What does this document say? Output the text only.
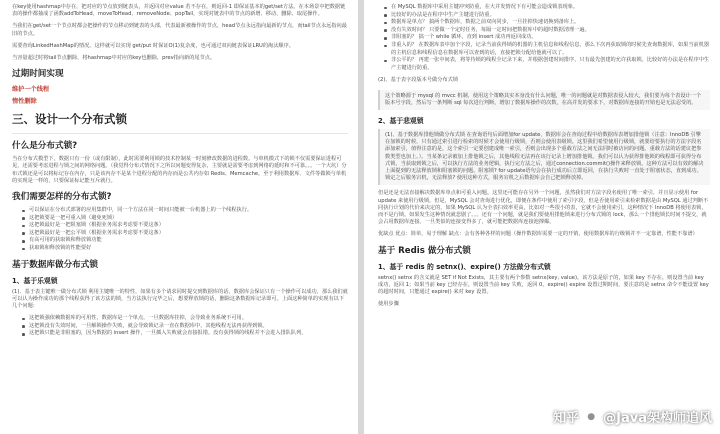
在key使用hashmap中存在，把对应的节点放到链表头，并返回对应value 若不存在，则返回-1 即保证基本的get/set方法。在本场景中把数据链表的操作都抽成了函数addToHead、moveToHead、removeNode、popTail，实现对链表中的节点的新增、移动、删除、取尾操作。

当我们在get/set一个节点时都会把操作的节点移动到链表的头部，代表最新被操作的节点，head节点永远指向最新的节点，而tail节点永远指向最旧的节点。

需要查询LinkedHashMap的情况。这样就可以实现 get/put 时保证O(1)复杂度，也可通过双向链表保证LRU的淘汰顺序。

当容量超过时将tail节点删除，将hashmap中对应的key也删除，prev指向新的尾节点。

过期时间实现
维护一个线程
惰性删除
三、设计一个分布式锁
什么是分布式锁?

当在分布式模型下，数据只有一份（或有限制），此时需要利用锁的技术控制某一时刻修改数据的进程数。与单机模式下的锁不仅需要保证进程可见，还需要考虑进程与锁之间的网络问题。（我觉得分布式情况下之所以问题变得复杂，主要就是需要考虑到网络的延时和不可靠。。。一个大坑）分布式锁还是可以将标记存在内存，只是该内存不是某个进程分配的内存而是公共内存如 Redis、Memcache。至于利用数据库、文件等做锁与单机的实现是一样的，只要保证标记能互斥就行。

我们需要怎样的分布式锁?
可以保证在分布式部署的应用集群中，同一个方法在同一时间只能被一台机器上的一个线程执行。
这把锁要是一把可重入锁（避免死锁）
这把锁最好是一把阻塞锁（根据业务需求考虑要不要这条）
这把锁最好是一把公平锁（根据业务需求考虑要不要这条）
有高可用的获取锁和释放锁功能
获取锁和释放锁的性能要好
基于数据库做分布式锁
1、基于乐观锁

(1)、基于表主键唯一做分布式锁 利用主键唯一的特性，如果有多个请求同时提交到数据库的话，数据库会保证只有一个操作可以成功，那么我们就可以认为操作成功的那个线程获得了该方法的锁，当方法执行完毕之后，想要释放锁的话，删除这条数据库记录即可。上面这种简单的实现有以下几个问题：

这把锁强依赖数据库的可用性，数据库是一个单点，一旦数据库挂掉，会导致业务系统不可用。
这把锁没有失效时间，一旦解锁操作失败，就会导致锁记录一直在数据库中，其他线程无法再获得到锁。
这把锁只能是非阻塞的，因为数据的 insert 操作，一旦插入失败就会直接报错。没有获得锁的线程并不会进入排队队列，
在 MySQL 数据库中采用主键冲突防重，在大并发情况下有可能会造成锁表现象。
比较好的办法是在程序中生产主键进行防重。
数据库是单点？ 搞两个数据库，数据之前双向同步，一旦挂掉快速切换到备库上。
没有失效时间？ 只要做一个定时任务，每隔一定时间把数据库中的超时数据清理一遍。
非阻塞的？ 搞一个 while 循环，直到 insert 成功再返回成功。
非重入的？ 在数据库表中加个字段，记录当前获得锁的机器的主机信息和线程信息，那么下次再获取锁的时候先查询数据库，如果当前机器的主机信息和线程信息在数据库可以查到的话，直接把锁分配给他就可以了。
非公平的？ 再建一张中间表，将等待锁的线程全记录下来，并根据创建时间排序，只有最先创建的允许获取锁。比较好的办法是在程序中生产主键进行防重。

(2)、基于表字段版本号做分布式锁

这个策略源于 mysql 的 mvcc 机制，使用这个策略其实本身没有什么问题，唯一的问题就是对数据表侵入较大，我们要为每个表设计一个版本号字段，然后写一条判断 sql 每次进行判断，增加了数据库操作的次数，在高并发的要求下，对数据库连接的开销也是无法忍受的。

2、基于悲观锁

(1)、基于数据库排他锁做分布式锁 在查询语句后面增加for update，数据库会在查询过程中给数据库表增加排他锁（注意：InnoDB 引擎在加锁的时候，只有通过索引进行检索的时候才会使用行级锁，否则会使用表级锁。这里我们希望使用行级锁，就要给要执行的方法字段名添加索引，值得注意的是，这个索引一定要创建成唯一索引，否则会出现多个重载方法之间无法同时被访问的问题。重载方法的话建议把参数类型也加上。）。当某条记录被加上排他锁之后，其他线程无法再在该行记录上增加排他锁。我们可以认为获得排他锁的线程即可获得分布式锁，当获取到锁之后，可以执行方法的业务逻辑，执行完方法之后，通过connection.commit()操作来释放锁。这种方法可以有效的解决上面提到的无法释放锁和阻塞锁的问题。阻塞锁? for update语句会在执行成功后立即返回，在执行失败时一直处于阻塞状态，直到成功。锁定之后服务宕机，无法释放? 使用这种方式，服务宕机之后数据库会自己把锁释放掉。

但是还是无法直接解决数据库单点和可重入问题。这里还可能存在另外一个问题，虽然我们对方法字段名使用了唯一索引，并且显示使用 for update 来使用行级锁。但是，MySQL 会对查询进行优化，即便在条件中使用了索引字段，但是否使用索引来检索数据是由 MySQL 通过判断不同执行计划的代价来决定的，如果 MySQL 认为全表扫效率更高，比如对一些很小的表，它就不会使用索引，这种情况下 InnoDB 将使用表锁，而不是行锁。如果发生这种情况就悲剧了。。。还有一个问题，就是我们要使用排他锁来进行分布式锁的 lock，那么一个排他锁长时间不提交，就会占用数据库连接。一旦类似的连接变得多了，就可能把数据库连接池撑爆。

优缺点 优点：简单，易于理解 缺点：会有各种各样的问题（操作数据库需要一定的开销，使用数据库的行级锁并不一定靠谱，性能不靠谱）

基于 Redis 做分布式锁
1、基于 redis 的 setnx()、expire() 方法做分布式锁

setnx() setnx 的含义就是 SET if Not Exists，其主要有两个参数 setnx(key, value)。该方法是原子的，如果 key 不存在，则设置当前 key 成功，返回 1；如果当前 key 已经存在，则设置当前 key 失败，返回 0。expire() expire 设置过期时间，要注意的是 setnx 命令不能设置 key 的超时时间，只能通过 expire() 来对 key 设置。

使用步骤

知乎 ● @Java架构师追风
